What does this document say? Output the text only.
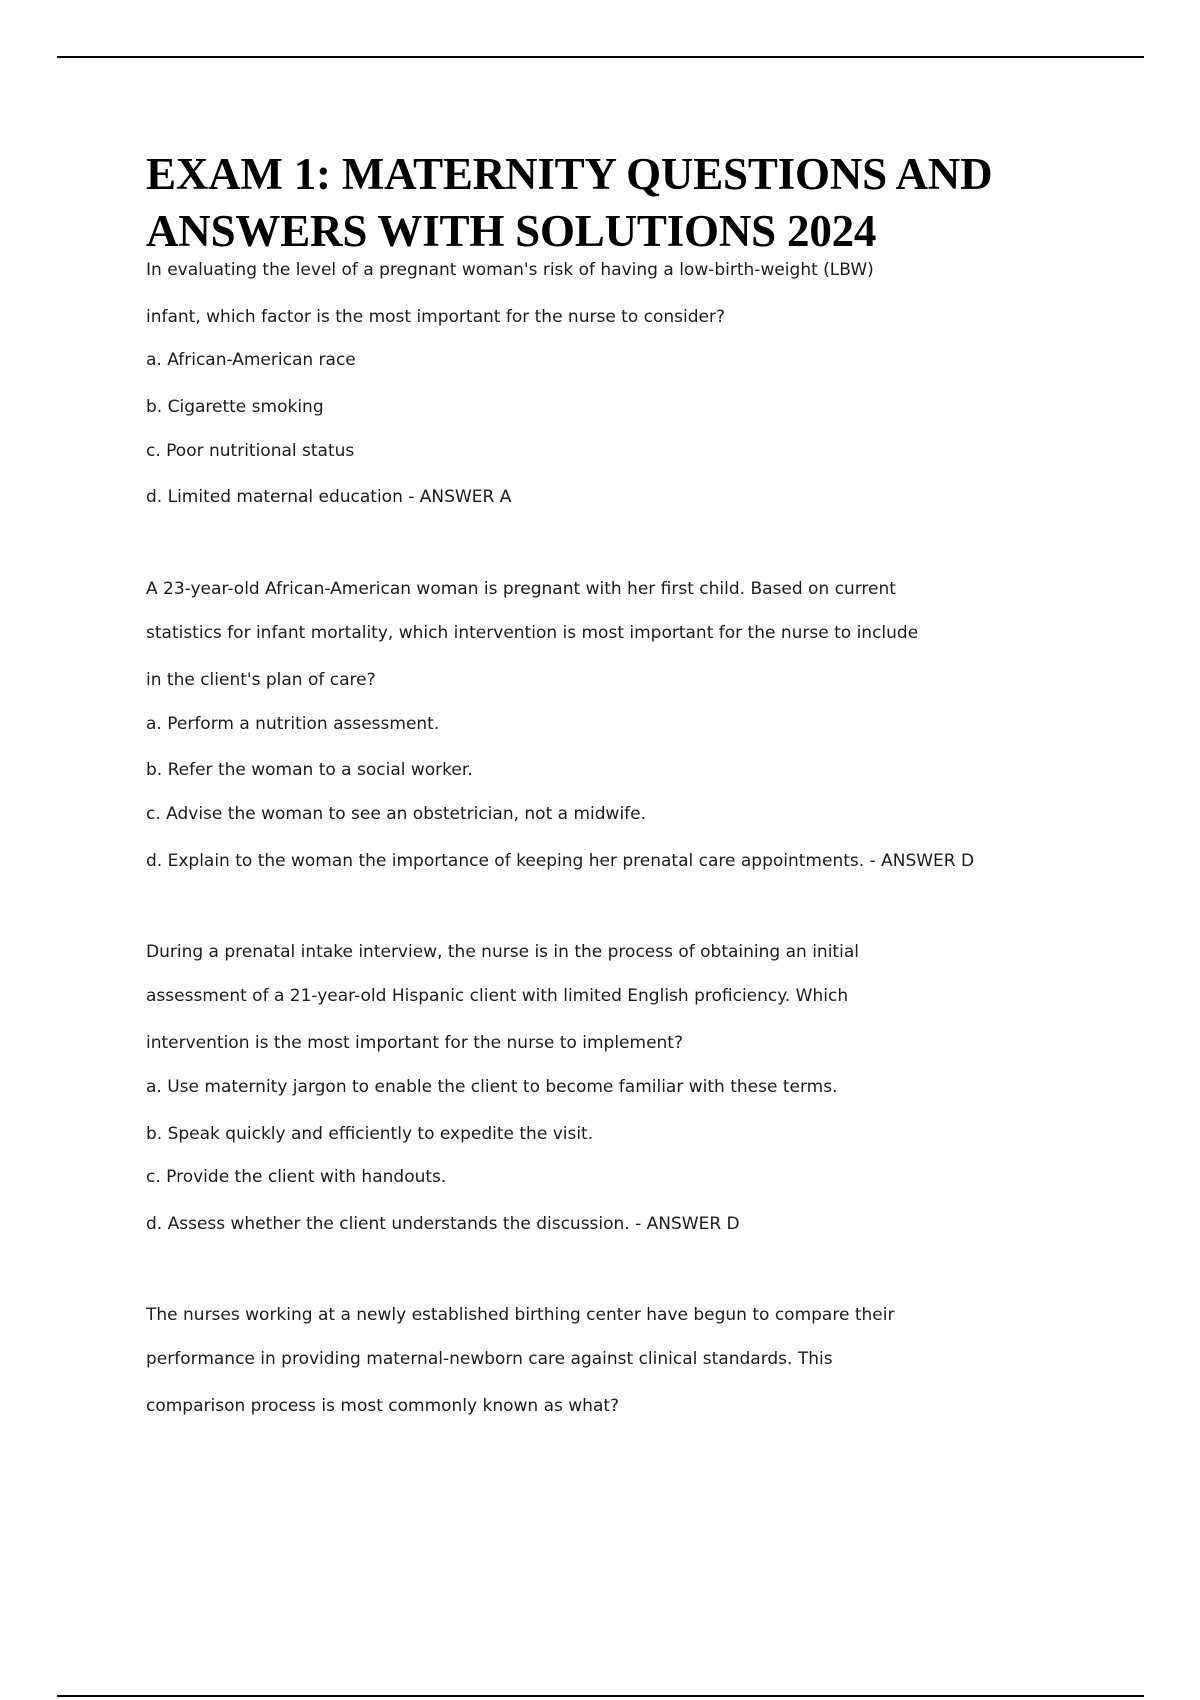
EXAM 1: MATERNITY QUESTIONS AND
ANSWERS WITH SOLUTIONS 2024
In evaluating the level of a pregnant woman's risk of having a low-birth-weight (LBW)
infant, which factor is the most important for the nurse to consider?
a. African-American race
b. Cigarette smoking
c. Poor nutritional status
d. Limited maternal education - ANSWER A
A 23-year-old African-American woman is pregnant with her first child. Based on current
statistics for infant mortality, which intervention is most important for the nurse to include
in the client's plan of care?
a. Perform a nutrition assessment.
b. Refer the woman to a social worker.
c. Advise the woman to see an obstetrician, not a midwife.
d. Explain to the woman the importance of keeping her prenatal care appointments. - ANSWER D
During a prenatal intake interview, the nurse is in the process of obtaining an initial
assessment of a 21-year-old Hispanic client with limited English proficiency. Which
intervention is the most important for the nurse to implement?
a. Use maternity jargon to enable the client to become familiar with these terms.
b. Speak quickly and efficiently to expedite the visit.
c. Provide the client with handouts.
d. Assess whether the client understands the discussion. - ANSWER D
The nurses working at a newly established birthing center have begun to compare their
performance in providing maternal-newborn care against clinical standards. This
comparison process is most commonly known as what?
